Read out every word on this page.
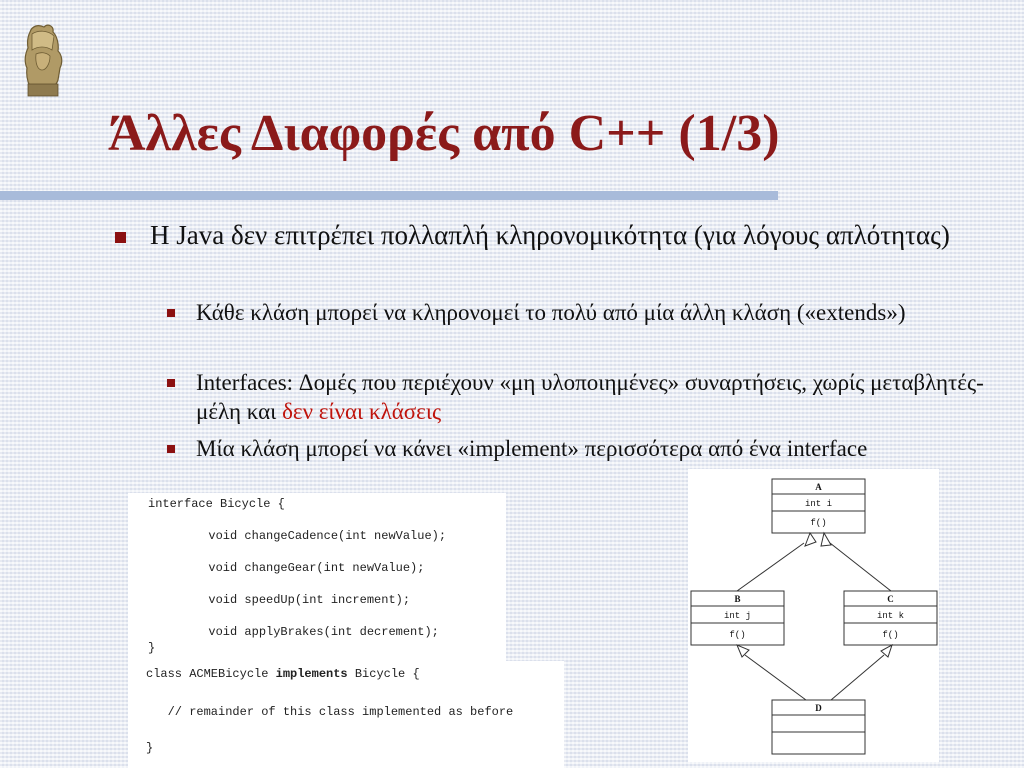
Άλλες Διαφορές από C++ (1/3)
Η Java δεν επιτρέπει πολλαπλή κληρονομικότητα (για λόγους απλότητας)
Κάθε κλάση μπορεί να κληρονομεί το πολύ από μία άλλη κλάση («extends»)
Interfaces: Δομές που περιέχουν «μη υλοποιημένες» συναρτήσεις, χωρίς μεταβλητές-μέλη και δεν είναι κλάσεις
Μία κλάση μπορεί να κάνει «implement» περισσότερα από ένα interface
interface Bicycle {
void changeCadence(int newValue);
void changeGear(int newValue);
void speedUp(int increment);
void applyBrakes(int decrement);
}
class ACMEBicycle implements Bicycle {
// remainder of this class implemented as before
}
A
int i
f()
B
int j
f()
C
int k
f()
D
